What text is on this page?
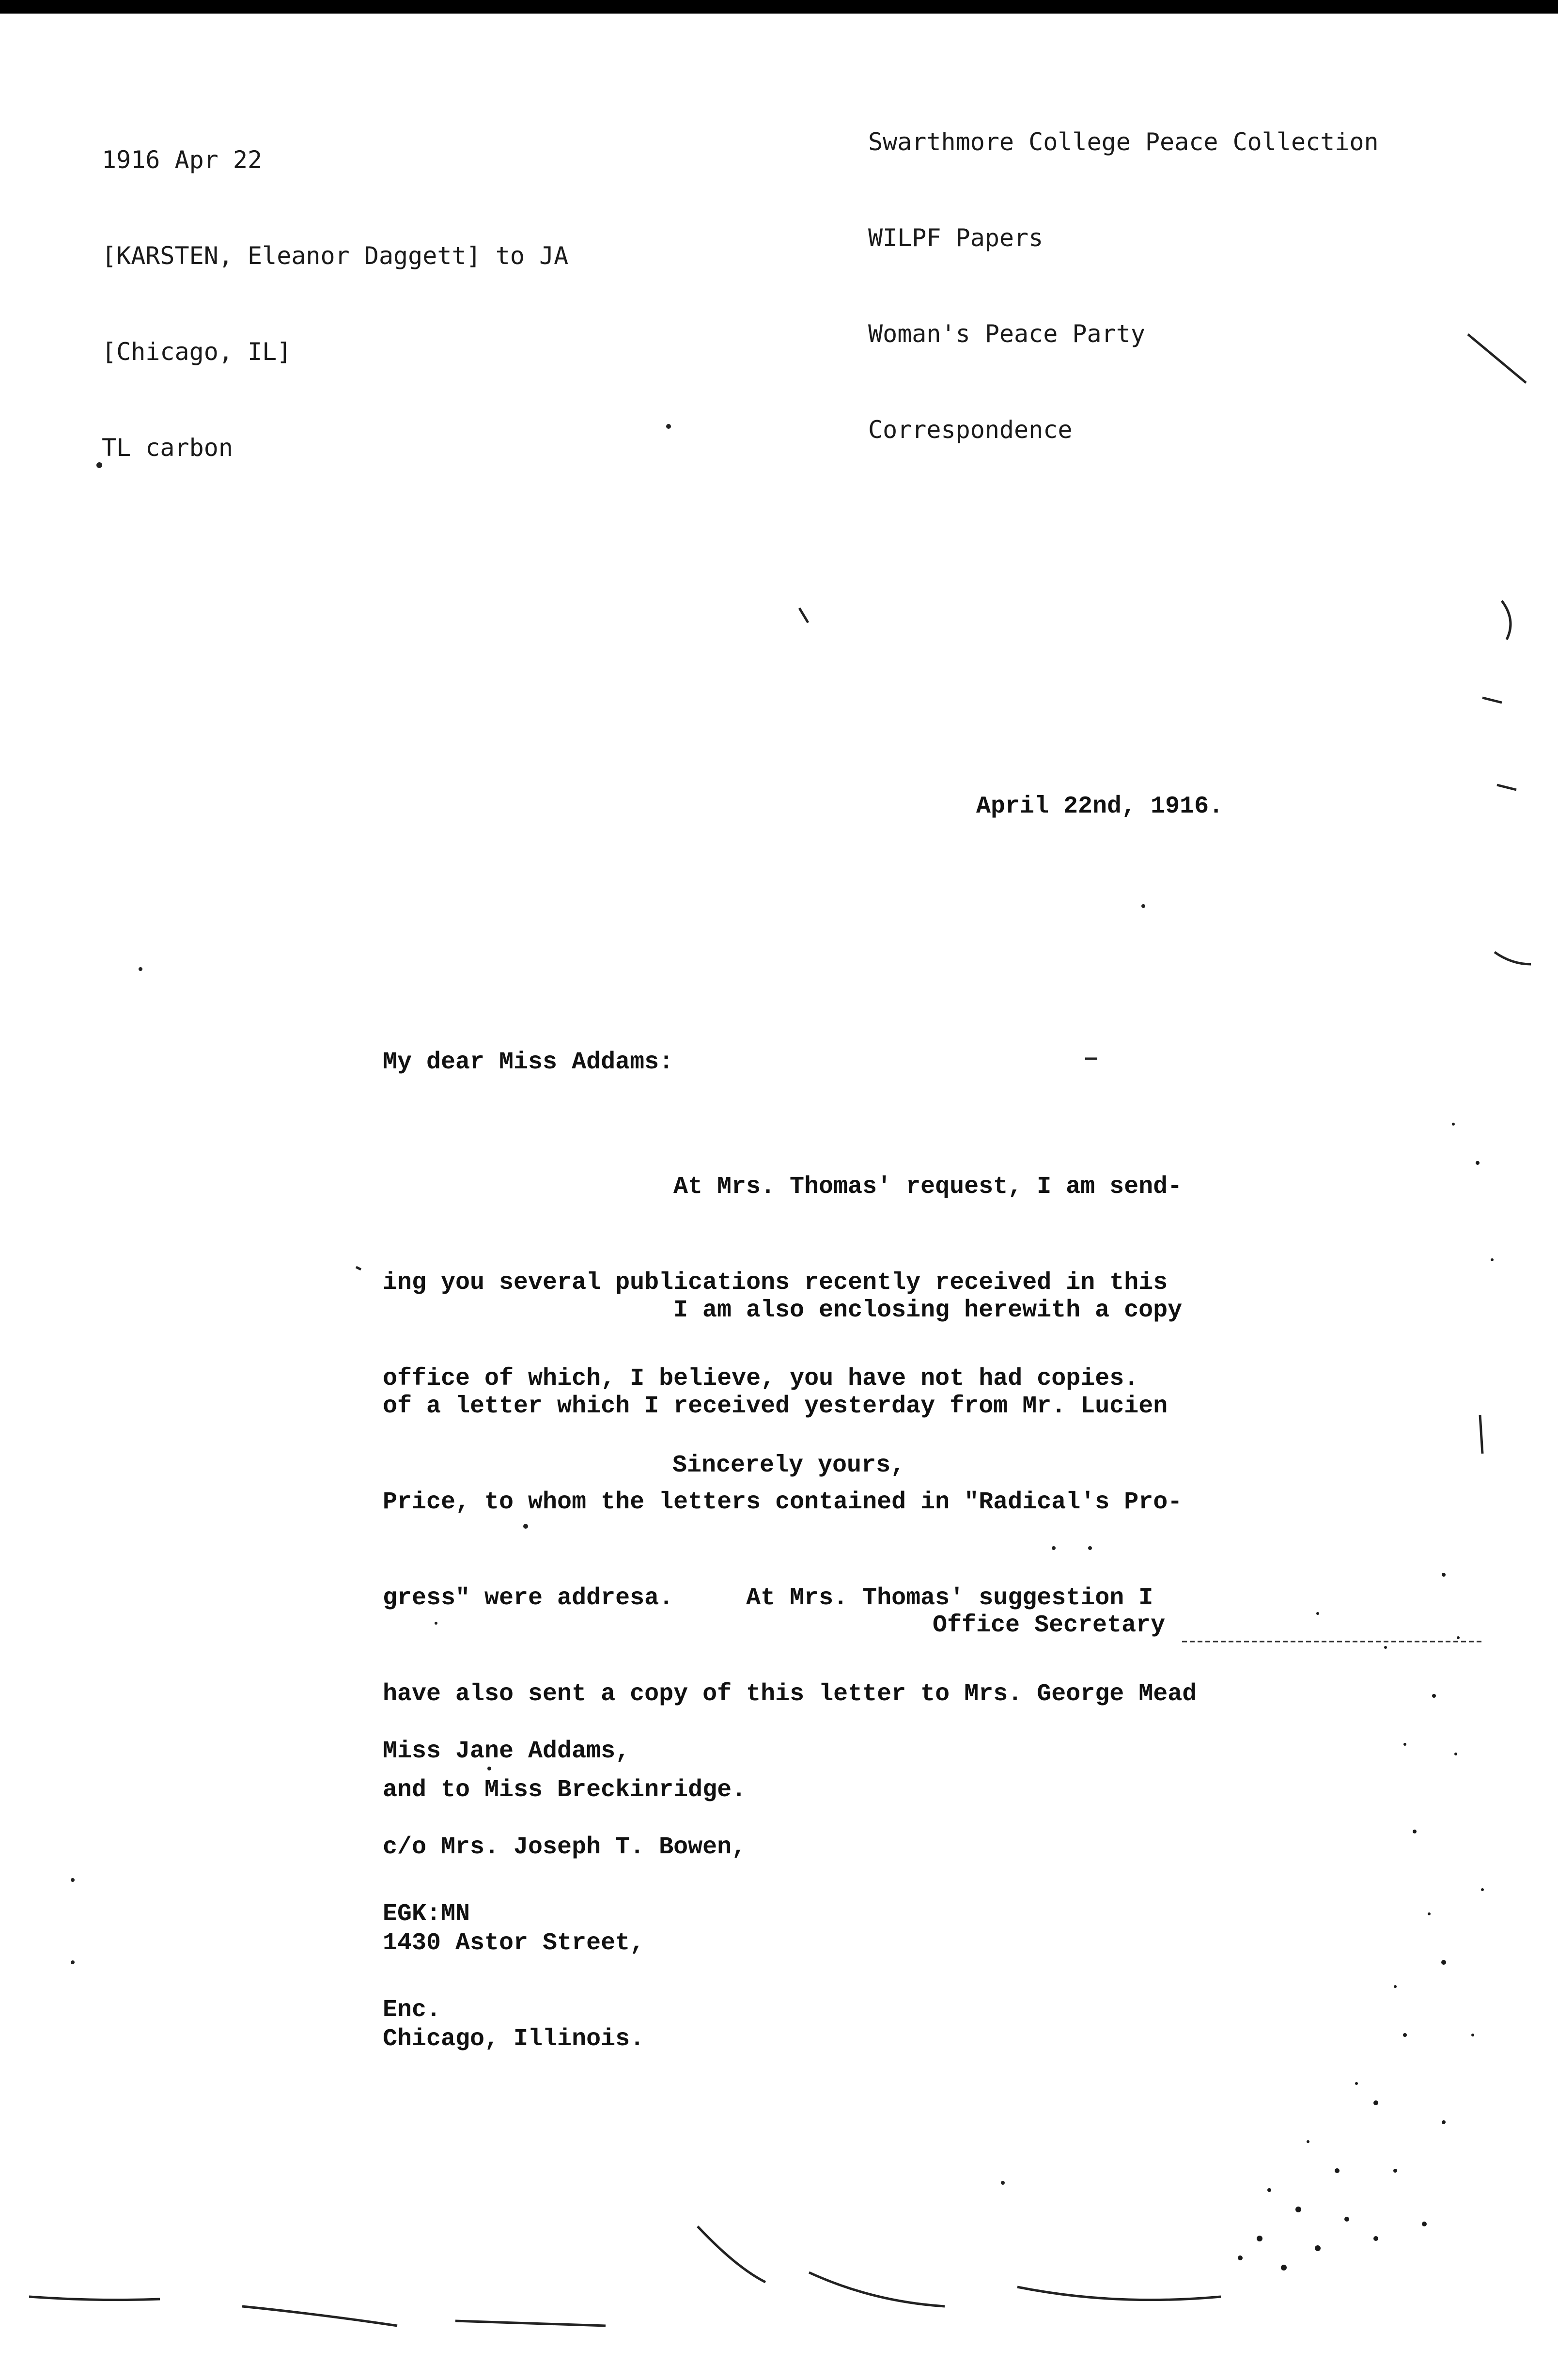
1916 Apr 22

[KARSTEN, Eleanor Daggett] to JA

[Chicago, IL]

TL carbon

Swarthmore College Peace Collection

WILPF Papers

Woman's Peace Party

Correspondence

April 22nd, 1916.
My dear Miss Addams:

At Mrs. Thomas' request, I am send-

ing you several publications recently received in this

office of which, I believe, you have not had copies.

I am also enclosing herewith a copy

of a letter which I received yesterday from Mr. Lucien

Price, to whom the letters contained in "Radical's Pro-

gress" were addresa.     At Mrs. Thomas' suggestion I

have also sent a copy of this letter to Mrs. George Mead

and to Miss Breckinridge.

Sincerely yours,
Office Secretary

Miss Jane Addams,

c/o Mrs. Joseph T. Bowen,

1430 Astor Street,

Chicago, Illinois.

EGK:MN

Enc.
